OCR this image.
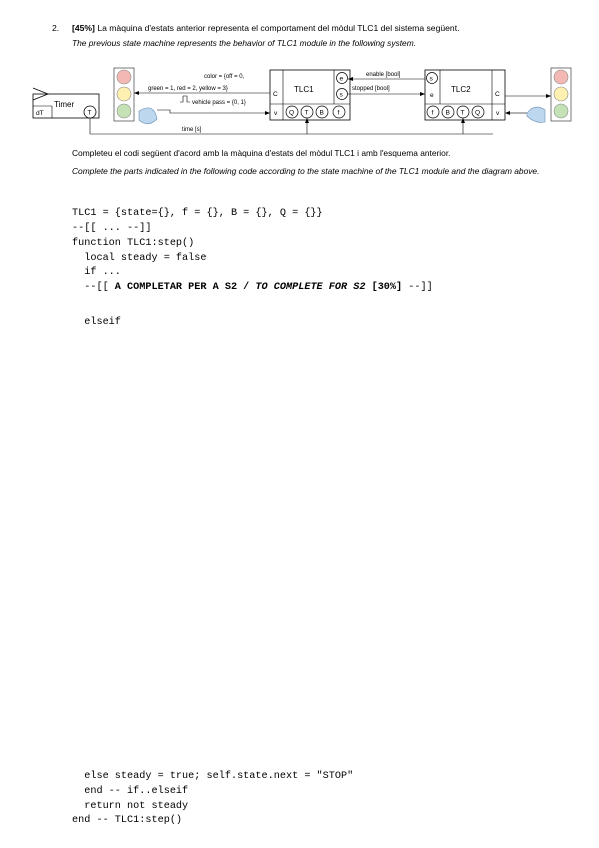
2. [45%] La màquina d'estats anterior representa el comportament del mòdul TLC1 del sistema següent.
The previous state machine represents the behavior of TLC1 module in the following system.
dT
Timer
T
color = {off = 0,
green = 1, red = 2, yellow = 3}
vehicle pass = {0, 1}
TLC1
C
v
e
s
Q T B f
enable [bool]
stopped [bool]	TLC2
s
e	C
v
f B T Q
time [s]
Completeu el codi següent d'acord amb la màquina d'estats del mòdul TLC1 i amb l'esquema anterior.
Complete the parts indicated in the following code according to the state machine of the TLC1 module and the diagram above.
TLC1 = {state={}, f = {}, B = {}, Q = {}}
--[[ ... --]]
function TLC1:step()
local steady = false
if ...
--[[ A COMPLETAR PER A S2 / TO COMPLETE FOR S2 [30%] --]]
elseif
else steady = true; self.state.next = "STOP"
end -- if..elseif
return not steady
end -- TLC1:step()
